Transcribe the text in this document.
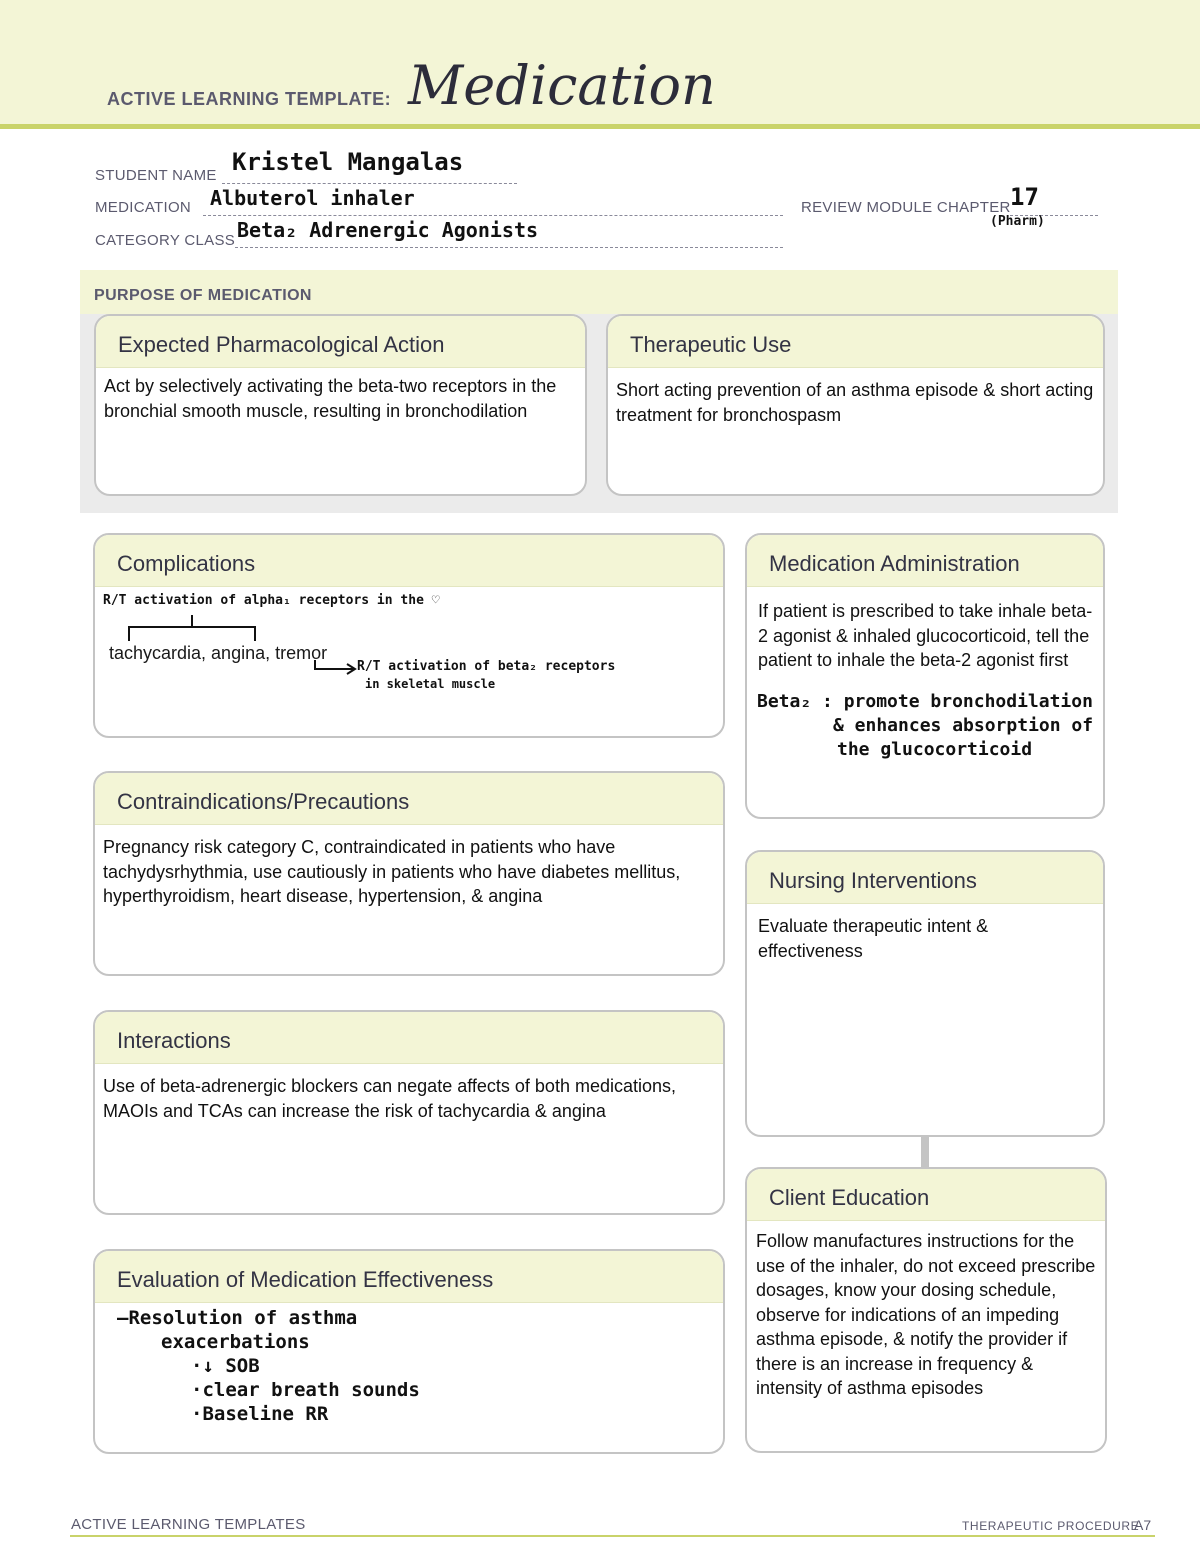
ACTIVE LEARNING TEMPLATE: Medication
STUDENT NAME Kristel Mangalas
MEDICATION Albuterol inhaler	REVIEW MODULE CHAPTER 17
(Pharm)
CATEGORY CLASS Beta₂ Adrenergic Agonists
PURPOSE OF MEDICATION
Expected Pharmacological Action
Act by selectively activating the beta-two receptors in the bronchial smooth muscle, resulting in bronchodilation
Therapeutic Use
Short acting prevention of an asthma episode & short acting treatment for bronchospasm
Complications
R/T activation of alpha₁ receptors in the ♡
tachycardia, angina, tremor
R/T activation of beta₂ receptors
in skeletal muscle
Medication Administration
If patient is prescribed to take inhale beta-2 agonist & inhaled glucocorticoid, tell the patient to inhale the beta-2 agonist first
Beta₂ : promote bronchodilation
& enhances absorption of
the glucocorticoid
Contraindications/Precautions
Pregnancy risk category C, contraindicated in patients who have tachydysrhythmia, use cautiously in patients who have diabetes mellitus, hyperthyroidism, heart disease, hypertension, & angina
Nursing Interventions
Evaluate therapeutic intent & effectiveness
Interactions
Use of beta-adrenergic blockers can negate affects of both medications, MAOIs and TCAs can increase the risk of tachycardia & angina
Client Education
Follow manufactures instructions for the use of the inhaler, do not exceed prescribe dosages, know your dosing schedule, observe for indications of an impeding asthma episode, & notify the provider if there is an increase in frequency & intensity of asthma episodes
Evaluation of Medication Effectiveness
—Resolution of asthma
exacerbations
·↓ SOB
·clear breath sounds
·Baseline RR
ACTIVE LEARNING TEMPLATES	THERAPEUTIC PROCEDURE
A7
